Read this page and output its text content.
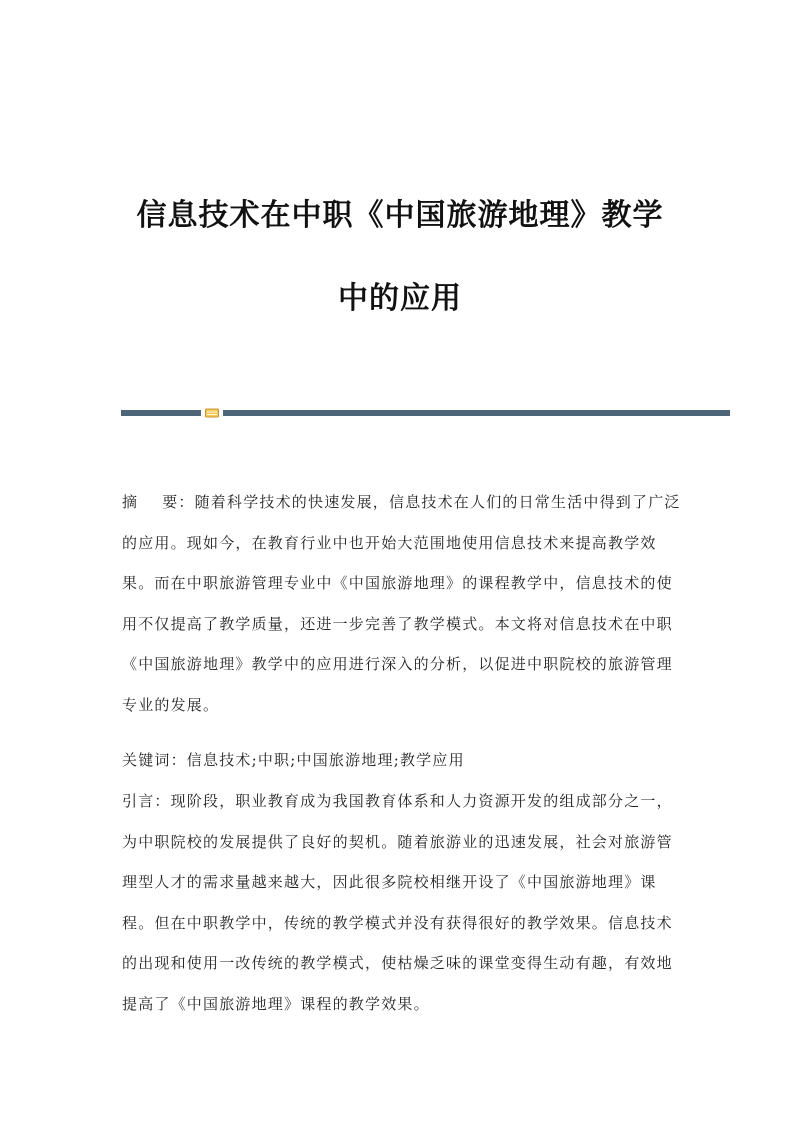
信息技术在中职《中国旅游地理》教学
中的应用
摘 要：随着科学技术的快速发展，信息技术在人们的日常生活中得到了广泛
的应用。现如今，在教育行业中也开始大范围地使用信息技术来提高教学效
果。而在中职旅游管理专业中《中国旅游地理》的课程教学中，信息技术的使
用不仅提高了教学质量，还进一步完善了教学模式。本文将对信息技术在中职
《中国旅游地理》教学中的应用进行深入的分析，以促进中职院校的旅游管理
专业的发展。
关键词：信息技术;中职;中国旅游地理;教学应用
引言：现阶段，职业教育成为我国教育体系和人力资源开发的组成部分之一，
为中职院校的发展提供了良好的契机。随着旅游业的迅速发展，社会对旅游管
理型人才的需求量越来越大，因此很多院校相继开设了《中国旅游地理》课
程。但在中职教学中，传统的教学模式并没有获得很好的教学效果。信息技术
的出现和使用一改传统的教学模式，使枯燥乏味的课堂变得生动有趣，有效地
提高了《中国旅游地理》课程的教学效果。
